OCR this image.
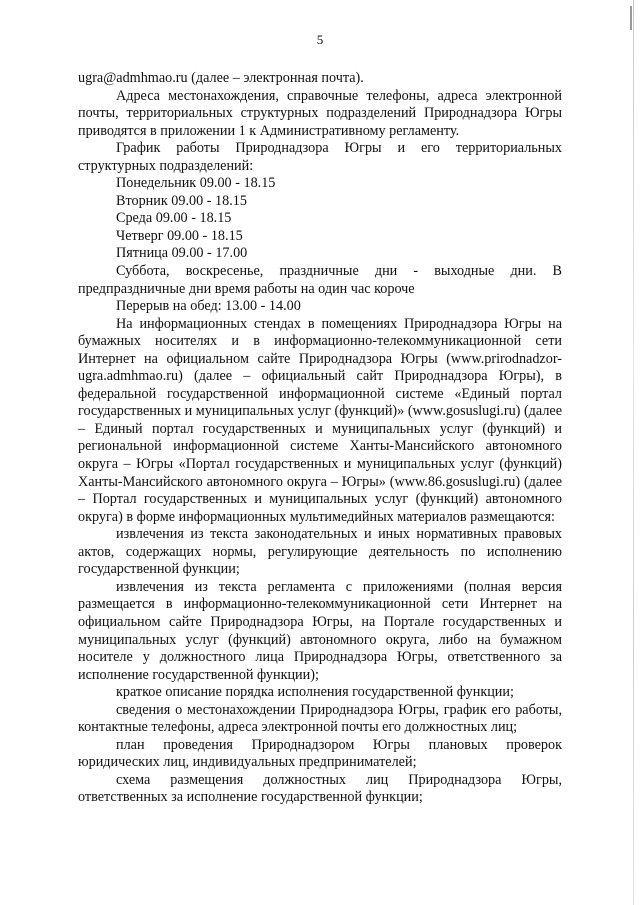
5

ugra@admhmao.ru (далее – электронная почта).

Адреса местонахождения, справочные телефоны, адреса электронной почты, территориальных структурных подразделений Природнадзора Югры приводятся в приложении 1 к Административному регламенту.

График работы Природнадзора Югры и его территориальных структурных подразделений:

Понедельник 09.00 - 18.15

Вторник 09.00 - 18.15

Среда 09.00 - 18.15

Четверг 09.00 - 18.15

Пятница 09.00 - 17.00

Суббота, воскресенье, праздничные дни - выходные дни. В предпраздничные дни время работы на один час короче

Перерыв на обед: 13.00 - 14.00

На информационных стендах в помещениях Природнадзора Югры на бумажных носителях и в информационно-телекоммуникационной сети Интернет на официальном сайте Природнадзора Югры (www.prirodnadzor-ugra.admhmao.ru) (далее – официальный сайт Природнадзора Югры), в федеральной государственной информационной системе «Единый портал государственных и муниципальных услуг (функций)» (www.gosuslugi.ru) (далее – Единый портал государственных и муниципальных услуг (функций) и региональной информационной системе Ханты-Мансийского автономного округа – Югры «Портал государственных и муниципальных услуг (функций) Ханты-Мансийского автономного округа – Югры» (www.86.gosuslugi.ru) (далее – Портал государственных и муниципальных услуг (функций) автономного округа) в форме информационных мультимедийных материалов размещаются:

извлечения из текста законодательных и иных нормативных правовых актов, содержащих нормы, регулирующие деятельность по исполнению государственной функции;

извлечения из текста регламента с приложениями (полная версия размещается в информационно-телекоммуникационной сети Интернет на официальном сайте Природнадзора Югры, на Портале государственных и муниципальных услуг (функций) автономного округа, либо на бумажном носителе у должностного лица Природнадзора Югры, ответственного за исполнение государственной функции);

краткое описание порядка исполнения государственной функции;

сведения о местонахождении Природнадзора Югры, график его работы, контактные телефоны, адреса электронной почты его должностных лиц;

план проведения Природнадзором Югры плановых проверок юридических лиц, индивидуальных предпринимателей;

схема размещения должностных лиц Природнадзора Югры, ответственных за исполнение государственной функции;
